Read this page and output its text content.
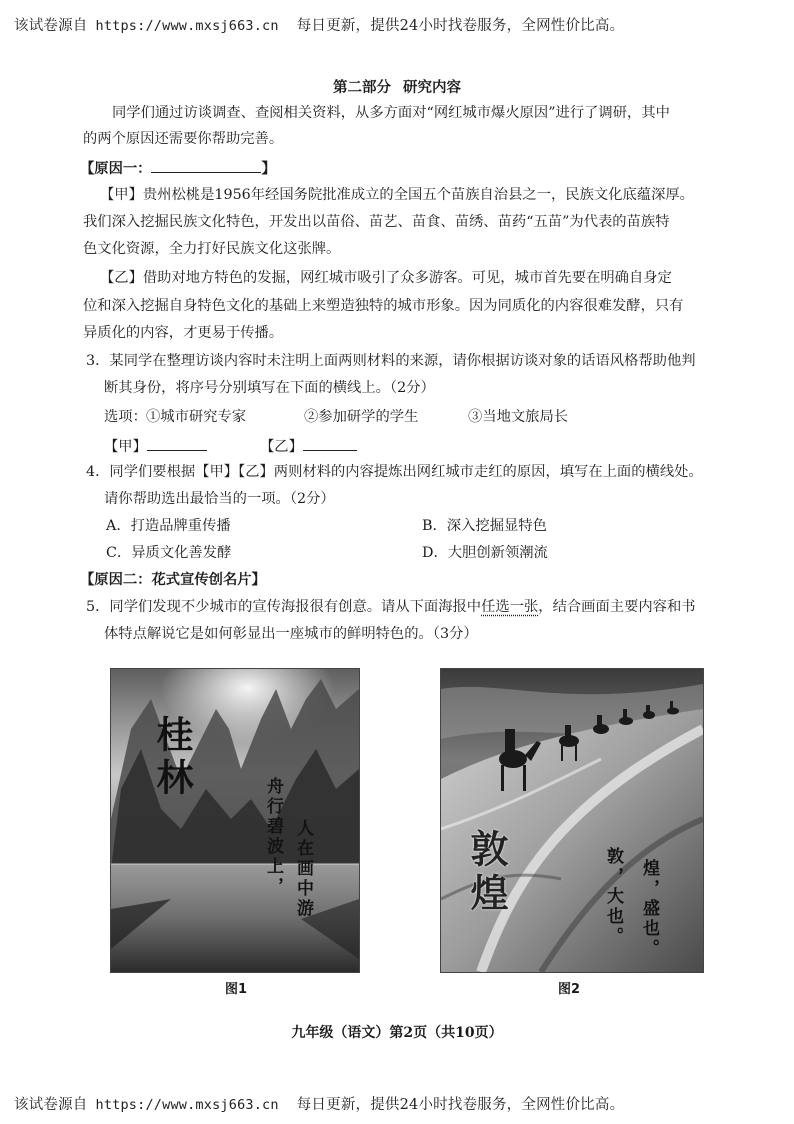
该试卷源自 https://www.mxsj663.cn 每日更新，提供24小时找卷服务，全网性价比高。
第二部分 研究内容
同学们通过访谈调查、查阅相关资料，从多方面对“网红城市爆火原因”进行了调研，其中
的两个原因还需要你帮助完善。
【原因一：	】
【甲】贵州松桃是1956年经国务院批准成立的全国五个苗族自治县之一，民族文化底蕴深厚。
我们深入挖掘民族文化特色，开发出以苗俗、苗艺、苗食、苗绣、苗药“五苗”为代表的苗族特
色文化资源，全力打好民族文化这张牌。
【乙】借助对地方特色的发掘，网红城市吸引了众多游客。可见，城市首先要在明确自身定
位和深入挖掘自身特色文化的基础上来塑造独特的城市形象。因为同质化的内容很难发酵，只有
异质化的内容，才更易于传播。
3．某同学在整理访谈内容时未注明上面两则材料的来源，请你根据访谈对象的话语风格帮助他判
断其身份，将序号分别填写在下面的横线上。（2分）
选项： ①城市研究专家	②参加研学的学生	③当地文旅局长
【甲】	【乙】
4．同学们要根据【甲】【乙】两则材料的内容提炼出网红城市走红的原因，填写在上面的横线处。
请你帮助选出最恰当的一项。（2分）
A．打造品牌重传播	B．深入挖掘显特色
C．异质文化善发酵	D．大胆创新领潮流
【原因二：花式宣传创名片】
5．同学们发现不少城市的宣传海报很有创意。请从下面海报中任选一张，结合画面主要内容和书
体特点解说它是如何彰显出一座城市的鲜明特色的。（3分）
桂林
舟行碧波上， 人在画中游
图1
敦煌	敦，大也。 煌，盛也。
图2
九年级（语文）第2页（共10页）
该试卷源自 https://www.mxsj663.cn 每日更新，提供24小时找卷服务，全网性价比高。
